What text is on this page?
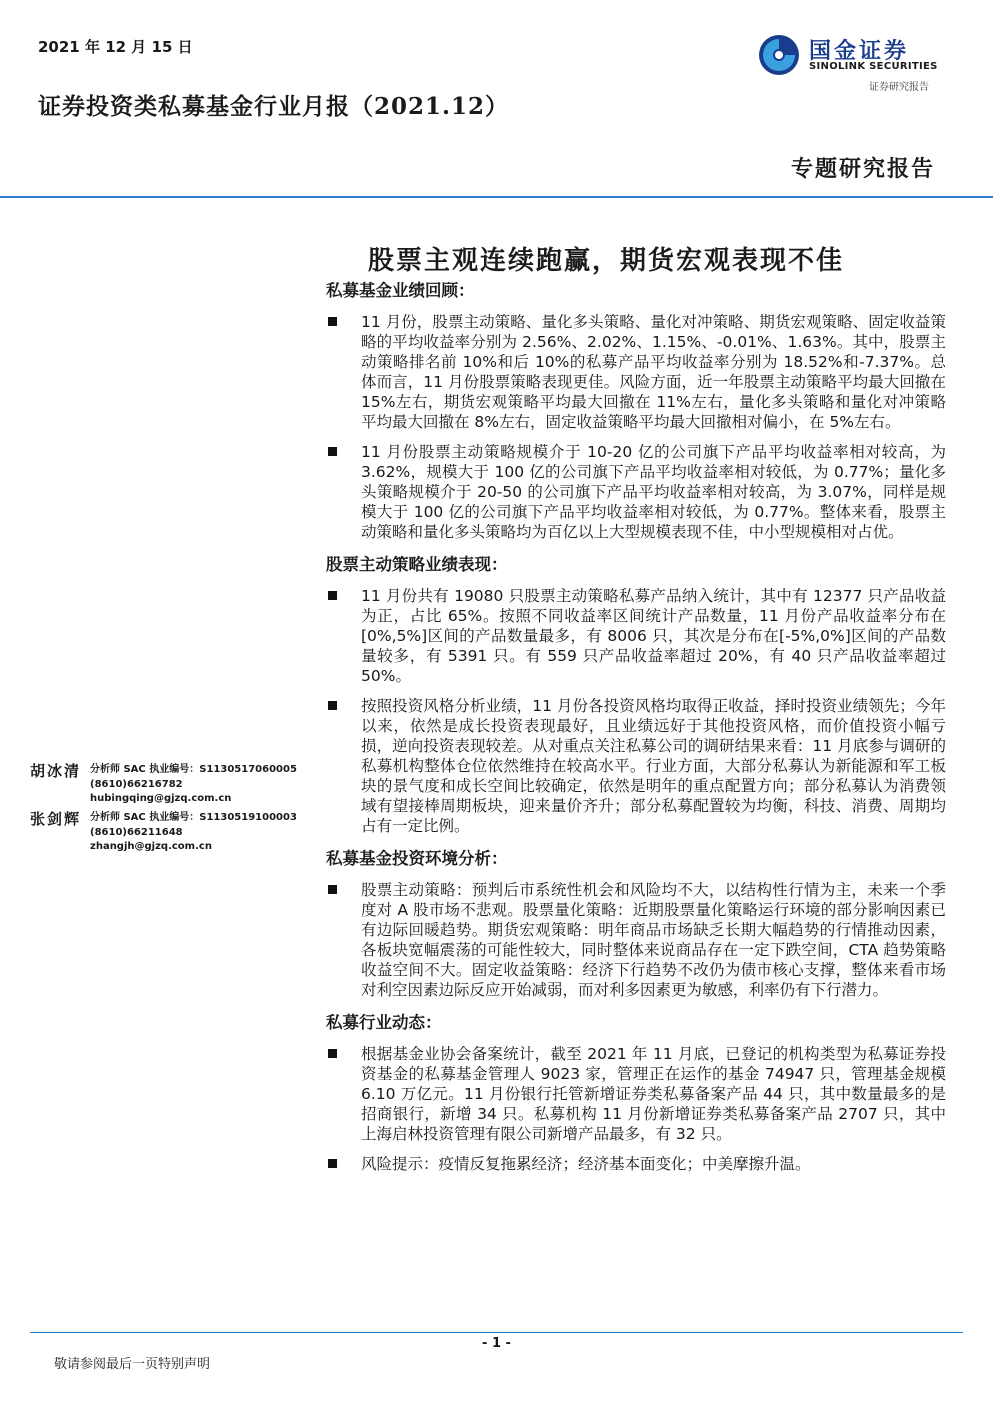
2021 年 12 月 15 日
证券投资类私募基金行业月报（2021.12）
国金证券
SINOLINK SECURITIES
证券研究报告
专题研究报告
股票主观连续跑赢，期货宏观表现不佳
私募基金业绩回顾：
11 月份，股票主动策略、量化多头策略、量化对冲策略、期货宏观策略、固定收益策略的平均收益率分别为 2.56%、2.02%、1.15%、-0.01%、1.63%。其中，股票主动策略排名前 10%和后 10%的私募产品平均收益率分别为 18.52%和-7.37%。总体而言，11 月份股票策略表现更佳。风险方面，近一年股票主动策略平均最大回撤在 15%左右，期货宏观策略平均最大回撤在 11%左右，量化多头策略和量化对冲策略平均最大回撤在 8%左右，固定收益策略平均最大回撤相对偏小，在 5%左右。
11 月份股票主动策略规模介于 10-20 亿的公司旗下产品平均收益率相对较高，为 3.62%，规模大于 100 亿的公司旗下产品平均收益率相对较低，为 0.77%；量化多头策略规模介于 20-50 的公司旗下产品平均收益率相对较高，为 3.07%，同样是规模大于 100 亿的公司旗下产品平均收益率相对较低，为 0.77%。整体来看，股票主动策略和量化多头策略均为百亿以上大型规模表现不佳，中小型规模相对占优。
股票主动策略业绩表现：
11 月份共有 19080 只股票主动策略私募产品纳入统计，其中有 12377 只产品收益为正，占比 65%。按照不同收益率区间统计产品数量，11 月份产品收益率分布在[0%,5%]区间的产品数量最多，有 8006 只，其次是分布在[-5%,0%]区间的产品数量较多，有 5391 只。有 559 只产品收益率超过 20%，有 40 只产品收益率超过 50%。
按照投资风格分析业绩，11 月份各投资风格均取得正收益，择时投资业绩领先；今年以来，依然是成长投资表现最好，且业绩远好于其他投资风格，而价值投资小幅亏损，逆向投资表现较差。从对重点关注私募公司的调研结果来看：11 月底参与调研的私募机构整体仓位依然维持在较高水平。行业方面，大部分私募认为新能源和军工板块的景气度和成长空间比较确定，依然是明年的重点配置方向；部分私募认为消费领域有望接棒周期板块，迎来量价齐升；部分私募配置较为均衡，科技、消费、周期均占有一定比例。
私募基金投资环境分析：
股票主动策略：预判后市系统性机会和风险均不大，以结构性行情为主，未来一个季度对 A 股市场不悲观。股票量化策略：近期股票量化策略运行环境的部分影响因素已有边际回暖趋势。期货宏观策略：明年商品市场缺乏长期大幅趋势的行情推动因素，各板块宽幅震荡的可能性较大，同时整体来说商品存在一定下跌空间，CTA 趋势策略收益空间不大。固定收益策略：经济下行趋势不改仍为债市核心支撑，整体来看市场对利空因素边际反应开始减弱，而对利多因素更为敏感，利率仍有下行潜力。
私募行业动态：
根据基金业协会备案统计，截至 2021 年 11 月底，已登记的机构类型为私募证券投资基金的私募基金管理人 9023 家，管理正在运作的基金 74947 只，管理基金规模 6.10 万亿元。11 月份银行托管新增证券类私募备案产品 44 只，其中数量最多的是招商银行，新增 34 只。私募机构 11 月份新增证券类私募备案产品 2707 只，其中上海启林投资管理有限公司新增产品最多，有 32 只。
风险提示：疫情反复拖累经济；经济基本面变化；中美摩擦升温。
胡冰清 分析师 SAC 执业编号：S1130517060005
(8610)66216782
hubingqing@gjzq.com.cn
张剑辉 分析师 SAC 执业编号：S1130519100003
(8610)66211648
zhangjh@gjzq.com.cn
- 1 -
敬请参阅最后一页特别声明
